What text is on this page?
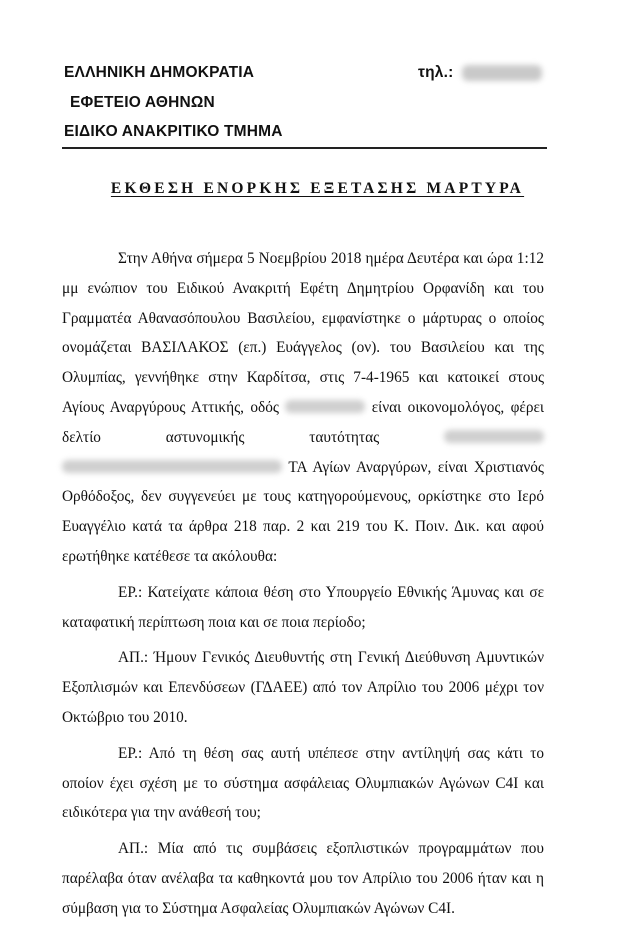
ΕΛΛΗΝΙΚΗ ΔΗΜΟΚΡΑΤΙΑ
ΕΦΕΤΕΙΟ ΑΘΗΝΩΝ
ΕΙΔΙΚΟ ΑΝΑΚΡΙΤΙΚΟ ΤΜΗΜΑ
τηλ.:
ΕΚΘΕΣΗ ΕΝΟΡΚΗΣ ΕΞΕΤΑΣΗΣ ΜΑΡΤΥΡΑ

Στην Αθήνα σήμερα 5 Νοεμβρίου 2018 ημέρα Δευτέρα και ώρα 1:12 μμ ενώπιον του Ειδικού Ανακριτή Εφέτη Δημητρίου Ορφανίδη και του Γραμματέα Αθανασόπουλου Βασιλείου, εμφανίστηκε ο μάρτυρας ο οποίος ονομάζεται ΒΑΣΙΛΑΚΟΣ (επ.) Ευάγγελος (ον). του Βασιλείου και της Ολυμπίας, γεννήθηκε στην Καρδίτσα, στις 7-4-1965 και κατοικεί στους Αγίους Αναργύρους Αττικής, οδός	είναι οικονομολόγος, φέρει δελτίο αστυνομικής ταυτότητας   ΤΑ Αγίων Αναργύρων, είναι Χριστιανός Ορθόδοξος, δεν συγγενεύει με τους κατηγορούμενους, ορκίστηκε στο Ιερό Ευαγγέλιο κατά τα άρθρα 218 παρ. 2 και 219 του Κ. Ποιν. Δικ. και αφού ερωτήθηκε κατέθεσε τα ακόλουθα:

ΕΡ.: Κατείχατε κάποια θέση στο Υπουργείο Εθνικής Άμυνας και σε καταφατική περίπτωση ποια και σε ποια περίοδο;

ΑΠ.: Ήμουν Γενικός Διευθυντής στη Γενική Διεύθυνση Αμυντικών Εξοπλισμών και Επενδύσεων (ΓΔΑΕΕ) από τον Απρίλιο του 2006 μέχρι τον Οκτώβριο του 2010.

ΕΡ.: Από τη θέση σας αυτή υπέπεσε στην αντίληψή σας κάτι το οποίον έχει σχέση με το σύστημα ασφάλειας Ολυμπιακών Αγώνων C4I και ειδικότερα για την ανάθεσή του;

ΑΠ.: Μία από τις συμβάσεις εξοπλιστικών προγραμμάτων που παρέλαβα όταν ανέλαβα τα καθηκοντά μου τον Απρίλιο του 2006 ήταν και η σύμβαση για το Σύστημα Ασφαλείας Ολυμπιακών Αγώνων C4I.
